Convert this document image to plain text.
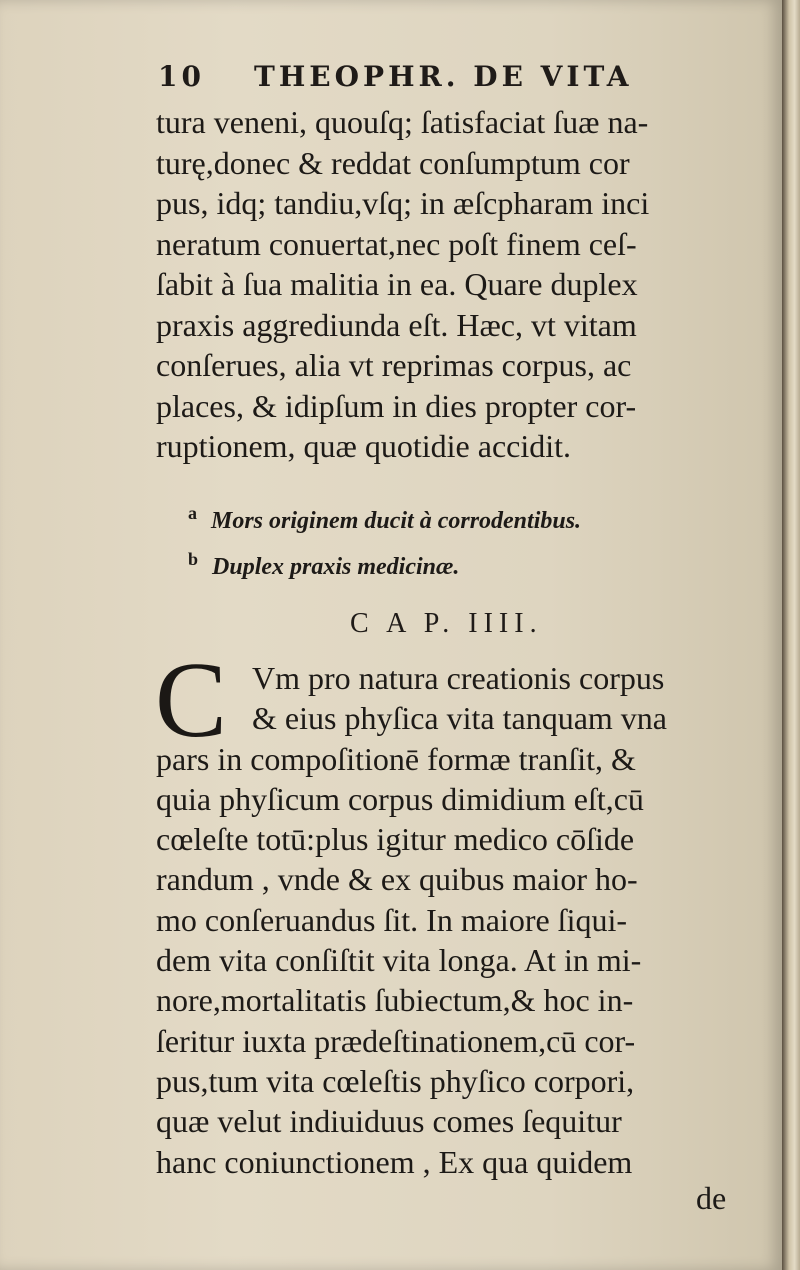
10 THEOPHR. DE VITA
tura veneni, quouſq; ſatisfaciat ſuæ na-
turę,donec & reddat conſumptum cor
pus, idq; tandiu,vſq; in æſcpharam inci
neratum conuertat,nec poſt finem ceſ-
ſabit à ſua malitia in ea. Quare duplex
praxis aggrediunda eſt. Hæc, vt vitam
conſerues, alia vt reprimas corpus, ac
places, & idipſum in dies propter cor-
ruptionem, quæ quotidie accidit.
$^a$ Mors originem ducit à corrodentibus.
$^b$ Duplex praxis medicinæ.
C A P. IIII.
C Vm pro natura creationis corpus
& eius phyſica vita tanquam vna
pars in compoſitionē formæ tranſit, &
quia phyſicum corpus dimidium eſt,cū
cœleſte totū:plus igitur medico cōſide
randum , vnde & ex quibus maior ho-
mo conſeruandus ſit. In maiore ſiqui-
dem vita conſiſtit vita longa. At in mi-
nore,mortalitatis ſubiectum,& hoc in-
ſeritur iuxta prædeſtinationem,cū cor-
pus,tum vita cœleſtis phyſico corpori,
quæ velut indiuiduus comes ſequitur
hanc coniunctionem , Ex qua quidem
de
